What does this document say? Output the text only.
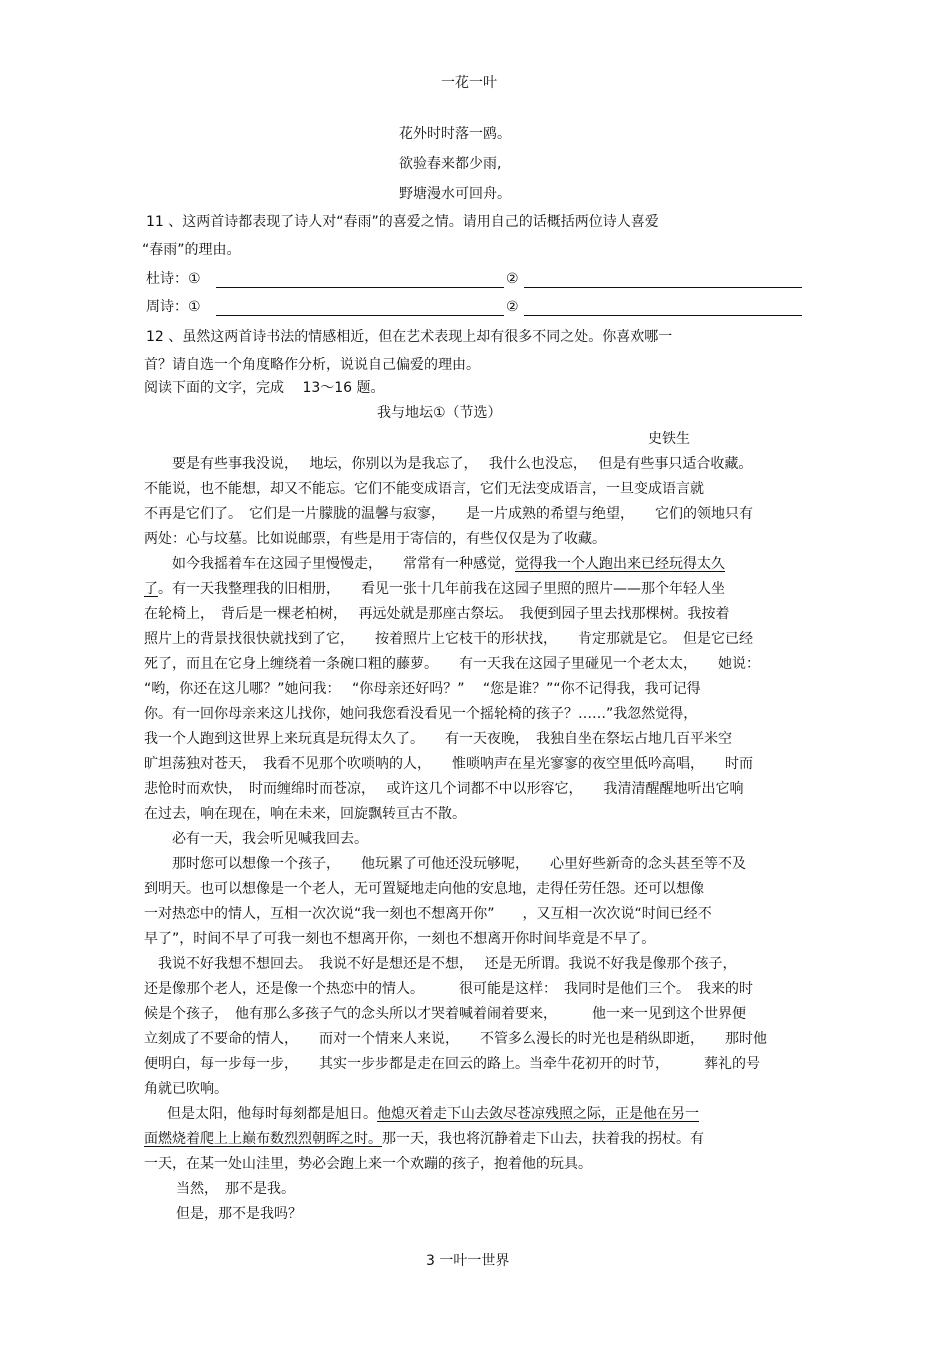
一花一叶
花外时时落一鸥。
欲验春来都少雨,
野塘漫水可回舟。
11 、这两首诗都表现了诗人对“春雨”的喜爱之情。请用自己的话概括两位诗人喜爱
“春雨”的理由。
杜诗：①	②
周诗：①	②
12 、虽然这两首诗书法的情感相近，但在艺术表现上却有很多不同之处。你喜欢哪一
首？请自选一个角度略作分析，说说自己偏爱的理由。
阅读下面的文字，完成　 13～16 题。
我与地坛①（节选）
史铁生
要是有些事我没说，　 地坛，你别以为是我忘了，　 我什么也没忘，　 但是有些事只适合收藏。
不能说，也不能想，却又不能忘。它们不能变成语言，它们无法变成语言，一旦变成语言就
不再是它们了。　它们是一片朦胧的温馨与寂寥，　　是一片成熟的希望与绝望，　　它们的领地只有
两处：心与坟墓。比如说邮票，有些是用于寄信的，有些仅仅是为了收藏。
如今我摇着车在这园子里慢慢走，　　常常有一种感觉，觉得我一个人跑出来已经玩得太久
了。有一天我整理我的旧相册，　　看见一张十几年前我在这园子里照的照片——那个年轻人坐
在轮椅上，　背后是一棵老柏树，　 再远处就是那座古祭坛。　我便到园子里去找那棵树。我按着
照片上的背景找很快就找到了它，　　按着照片上它枝干的形状找，　　肯定那就是它。　但是它已经
死了，而且在它身上缠绕着一条碗口粗的藤萝。　　有一天我在这园子里碰见一个老太太，　　她说：
“哟，你还在这儿哪？”她问我：　 “你母亲还好吗？”　 “您是谁？”“你不记得我，我可记得
你。有一回你母亲来这儿找你，她问我您看没看见一个摇轮椅的孩子？……”我忽然觉得，
我一个人跑到这世界上来玩真是玩得太久了。　　有一天夜晚，　我独自坐在祭坛占地几百平米空
旷坦荡独对苍天，　我看不见那个吹唢呐的人，　　惟唢呐声在星光寥寥的夜空里低吟高唱，　　时而
悲怆时而欢快，　时而缠绵时而苍凉，　 或许这几个词都不中以形容它，　　我清清醒醒地听出它响
在过去，响在现在，响在未来，回旋飘转亘古不散。
必有一天，我会听见喊我回去。
那时您可以想像一个孩子，　　他玩累了可他还没玩够呢，　　心里好些新奇的念头甚至等不及
到明天。也可以想像是一个老人，无可置疑地走向他的安息地，走得任劳任怨。还可以想像
一对热恋中的情人，互相一次次说“我一刻也不想离开你”　　，又互相一次次说“时间已经不
早了”，时间不早了可我一刻也不想离开你，一刻也不想离开你时间毕竟是不早了。
我说不好我想不想回去。　我说不好是想还是不想，　 还是无所谓。我说不好我是像那个孩子，
还是像那个老人，还是像一个热恋中的情人。　　　很可能是这样：　我同时是他们三个。　我来的时
候是个孩子，　他有那么多孩子气的念头所以才哭着喊着闹着要来，　　　他一来一见到这个世界便
立刻成了不要命的情人，　　而对一个情来人来说，　　不管多么漫长的时光也是稍纵即逝，　　那时他
便明白，每一步每一步，　　其实一步步都是走在回云的路上。当牵牛花初开的时节，　　　葬礼的号
角就已吹响。
但是太阳，他每时每刻都是旭日。他熄灭着走下山去敛尽苍凉残照之际，正是他在另一
面燃烧着爬上上巅布数烈烈朝晖之时。那一天，我也将沉静着走下山去，扶着我的拐杖。有
一天，在某一处山洼里，势必会跑上来一个欢蹦的孩子，抱着他的玩具。
当然，　那不是我。
但是，那不是我吗？
3 一叶一世界
